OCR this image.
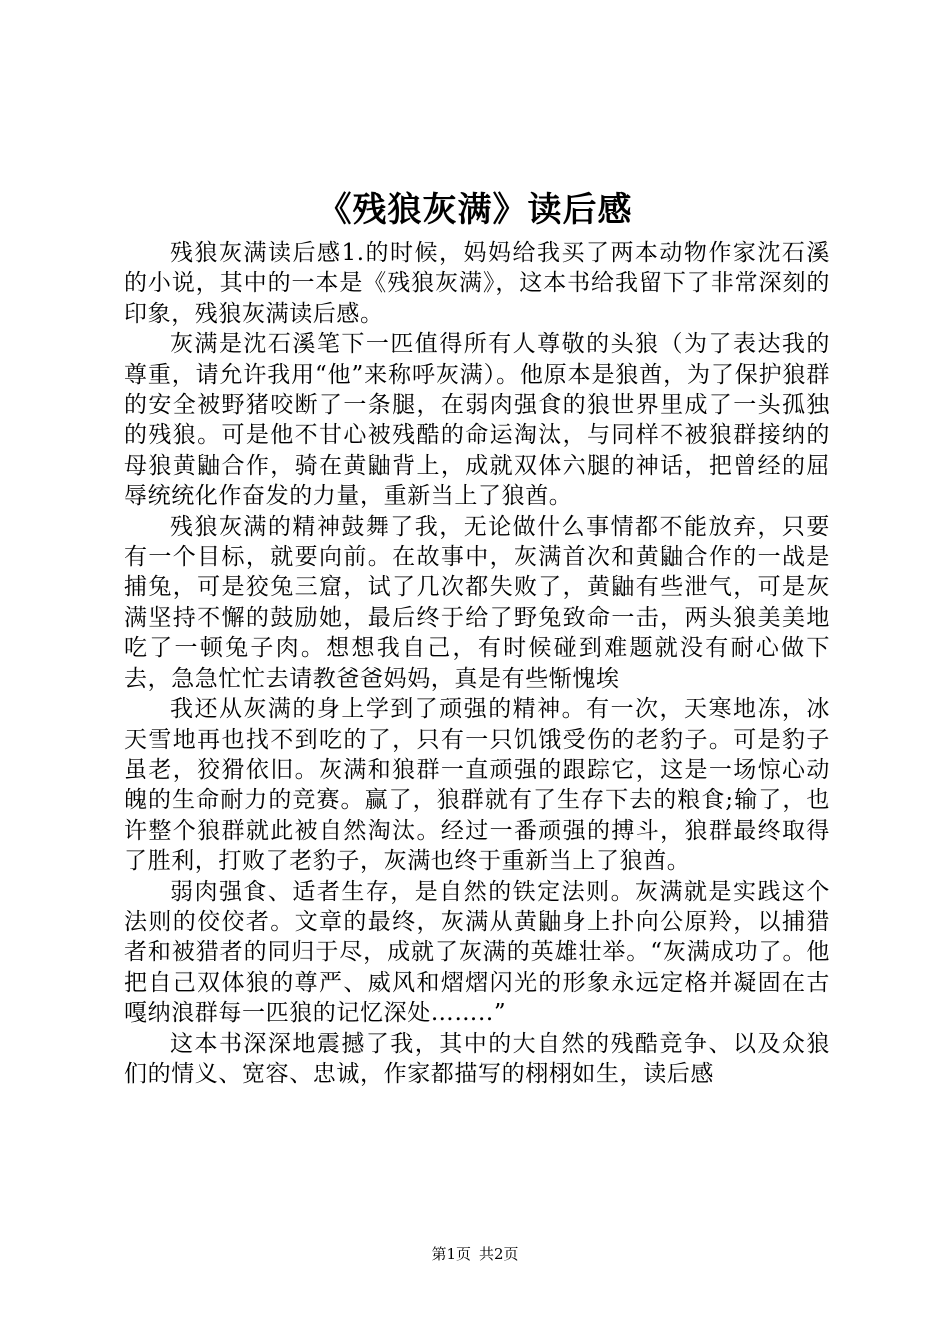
《残狼灰满》读后感

残狼灰满读后感1.的时候，妈妈给我买了两本动物作家沈石溪的小说，其中的一本是《残狼灰满》，这本书给我留下了非常深刻的印象，残狼灰满读后感。

灰满是沈石溪笔下一匹值得所有人尊敬的头狼（为了表达我的尊重，请允许我用“他”来称呼灰满）。他原本是狼酋，为了保护狼群的安全被野猪咬断了一条腿，在弱肉强食的狼世界里成了一头孤独的残狼。可是他不甘心被残酷的命运淘汰，与同样不被狼群接纳的母狼黄鼬合作，骑在黄鼬背上，成就双体六腿的神话，把曾经的屈辱统统化作奋发的力量，重新当上了狼酋。

残狼灰满的精神鼓舞了我，无论做什么事情都不能放弃，只要有一个目标，就要向前。在故事中，灰满首次和黄鼬合作的一战是捕兔，可是狡兔三窟，试了几次都失败了，黄鼬有些泄气，可是灰满坚持不懈的鼓励她，最后终于给了野兔致命一击，两头狼美美地吃了一顿兔子肉。想想我自己，有时候碰到难题就没有耐心做下去，急急忙忙去请教爸爸妈妈，真是有些惭愧埃

我还从灰满的身上学到了顽强的精神。有一次，天寒地冻，冰天雪地再也找不到吃的了，只有一只饥饿受伤的老豹子。可是豹子虽老，狡猾依旧。灰满和狼群一直顽强的跟踪它，这是一场惊心动魄的生命耐力的竞赛。赢了，狼群就有了生存下去的粮食;输了，也许整个狼群就此被自然淘汰。经过一番顽强的搏斗，狼群最终取得了胜利，打败了老豹子，灰满也终于重新当上了狼酋。

弱肉强食、适者生存，是自然的铁定法则。灰满就是实践这个法则的佼佼者。文章的最终，灰满从黄鼬身上扑向公原羚，以捕猎者和被猎者的同归于尽，成就了灰满的英雄壮举。“灰满成功了。他把自己双体狼的尊严、威风和熠熠闪光的形象永远定格并凝固在古嘎纳浪群每一匹狼的记忆深处……..”

这本书深深地震撼了我，其中的大自然的残酷竞争、以及众狼们的情义、宽容、忠诚，作家都描写的栩栩如生，读后感

第1页 共2页
